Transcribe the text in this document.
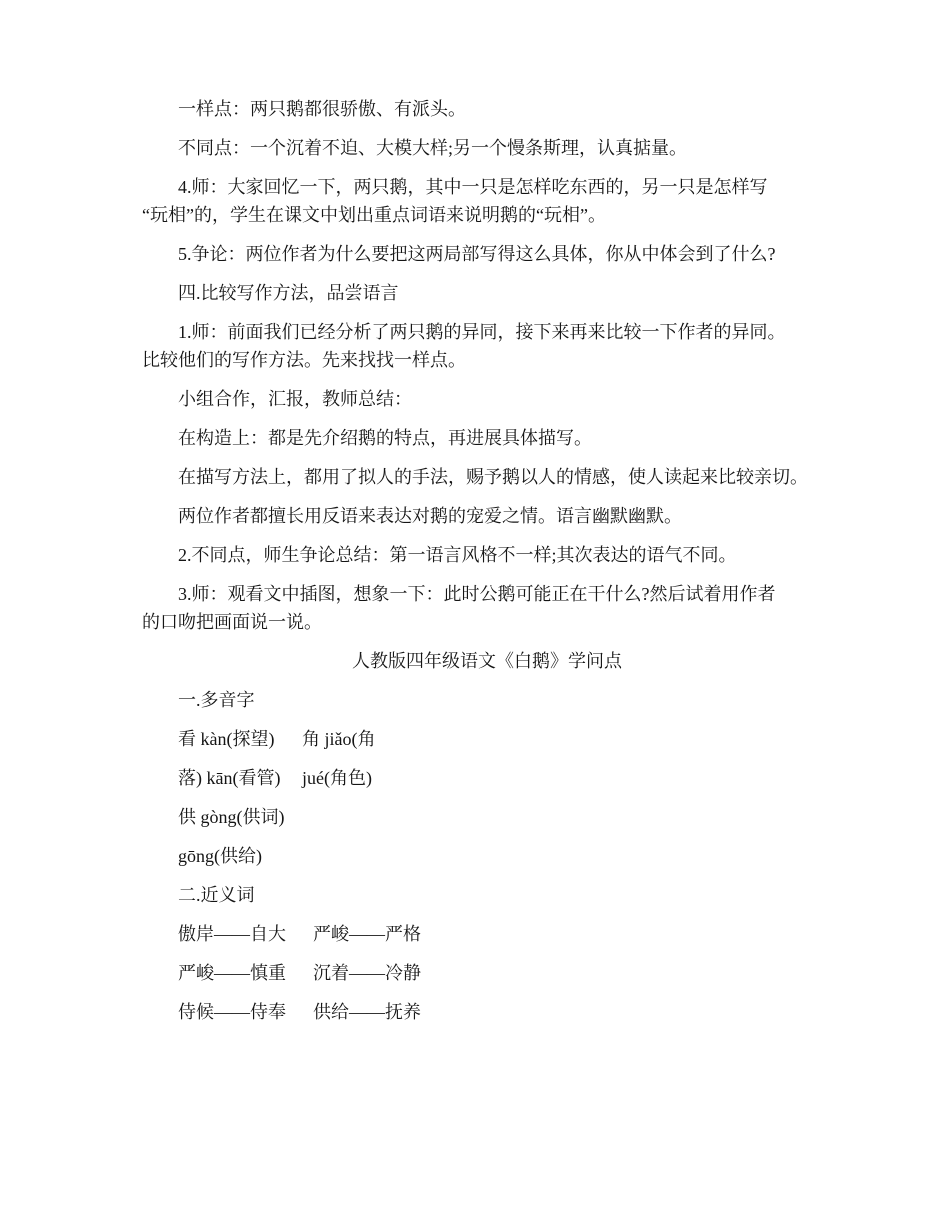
一样点：两只鹅都很骄傲、有派头。
不同点：一个沉着不迫、大模大样;另一个慢条斯理，认真掂量。
4.师：大家回忆一下，两只鹅，其中一只是怎样吃东西的，另一只是怎样写
“玩相”的，学生在课文中划出重点词语来说明鹅的“玩相”。
5.争论：两位作者为什么要把这两局部写得这么具体，你从中体会到了什么?
四.比较写作方法，品尝语言
1.师：前面我们已经分析了两只鹅的异同，接下来再来比较一下作者的异同。
比较他们的写作方法。先来找找一样点。
小组合作，汇报，教师总结：
在构造上：都是先介绍鹅的特点，再进展具体描写。
在描写方法上，都用了拟人的手法，赐予鹅以人的情感，使人读起来比较亲切。
两位作者都擅长用反语来表达对鹅的宠爱之情。语言幽默幽默。
2.不同点，师生争论总结：第一语言风格不一样;其次表达的语气不同。
3.师：观看文中插图，想象一下：此时公鹅可能正在干什么?然后试着用作者
的口吻把画面说一说。
人教版四年级语文《白鹅》学问点
一.多音字
看 kàn(探望) 角 jiǎo(角
落) kān(看管) jué(角色)
供 gòng(供词)
gōng(供给)
二.近义词
傲岸——自大 严峻——严格
严峻——慎重 沉着——冷静
侍候——侍奉 供给——抚养
